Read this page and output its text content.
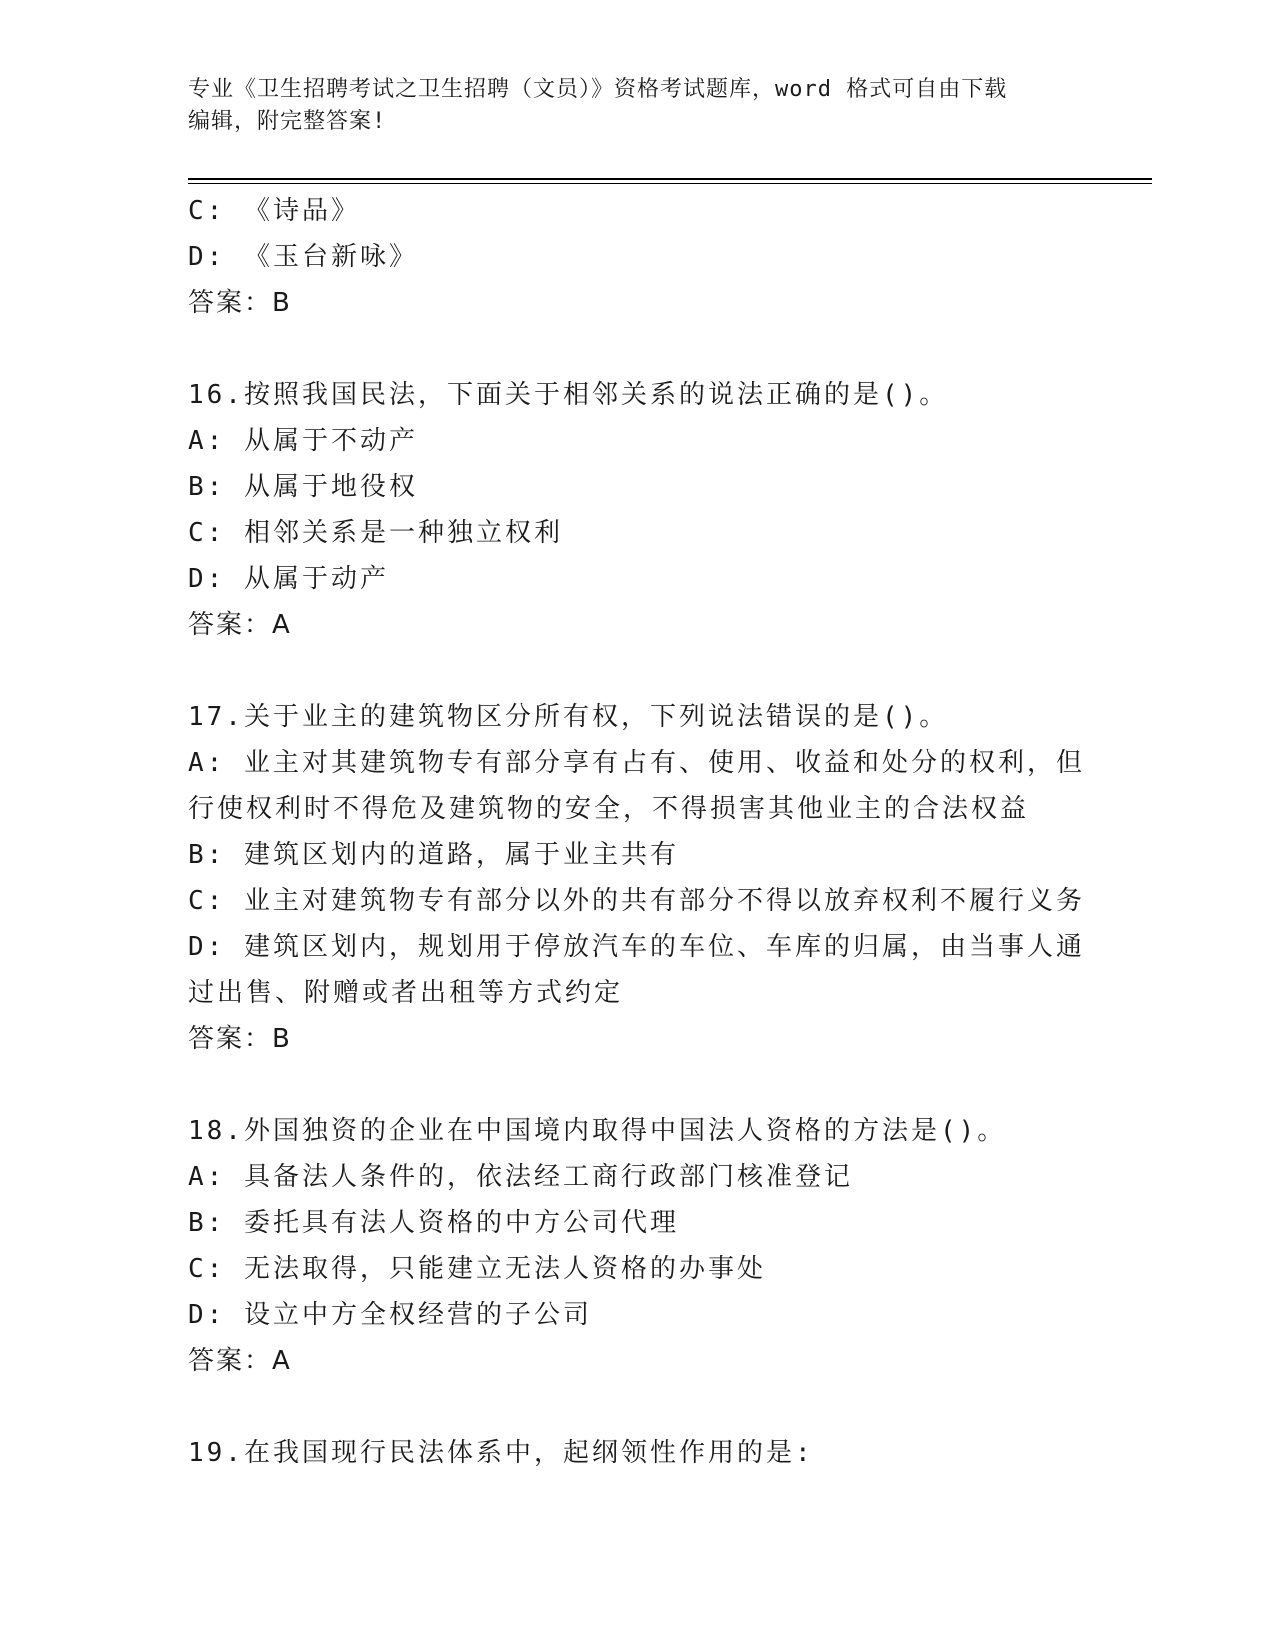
专业《卫生招聘考试之卫生招聘（文员）》资格考试题库，word 格式可自由下载
编辑，附完整答案!
C: 《诗品》
D: 《玉台新咏》
答案：B
16.按照我国民法，下面关于相邻关系的说法正确的是()。
A: 从属于不动产
B: 从属于地役权
C: 相邻关系是一种独立权利
D: 从属于动产
答案：A
17.关于业主的建筑物区分所有权，下列说法错误的是()。
A: 业主对其建筑物专有部分享有占有、使用、收益和处分的权利，但
行使权利时不得危及建筑物的安全，不得损害其他业主的合法权益
B: 建筑区划内的道路，属于业主共有
C: 业主对建筑物专有部分以外的共有部分不得以放弃权利不履行义务
D: 建筑区划内，规划用于停放汽车的车位、车库的归属，由当事人通
过出售、附赠或者出租等方式约定
答案：B
18.外国独资的企业在中国境内取得中国法人资格的方法是()。
A: 具备法人条件的，依法经工商行政部门核准登记
B: 委托具有法人资格的中方公司代理
C: 无法取得，只能建立无法人资格的办事处
D: 设立中方全权经营的子公司
答案：A
19.在我国现行民法体系中，起纲领性作用的是:
